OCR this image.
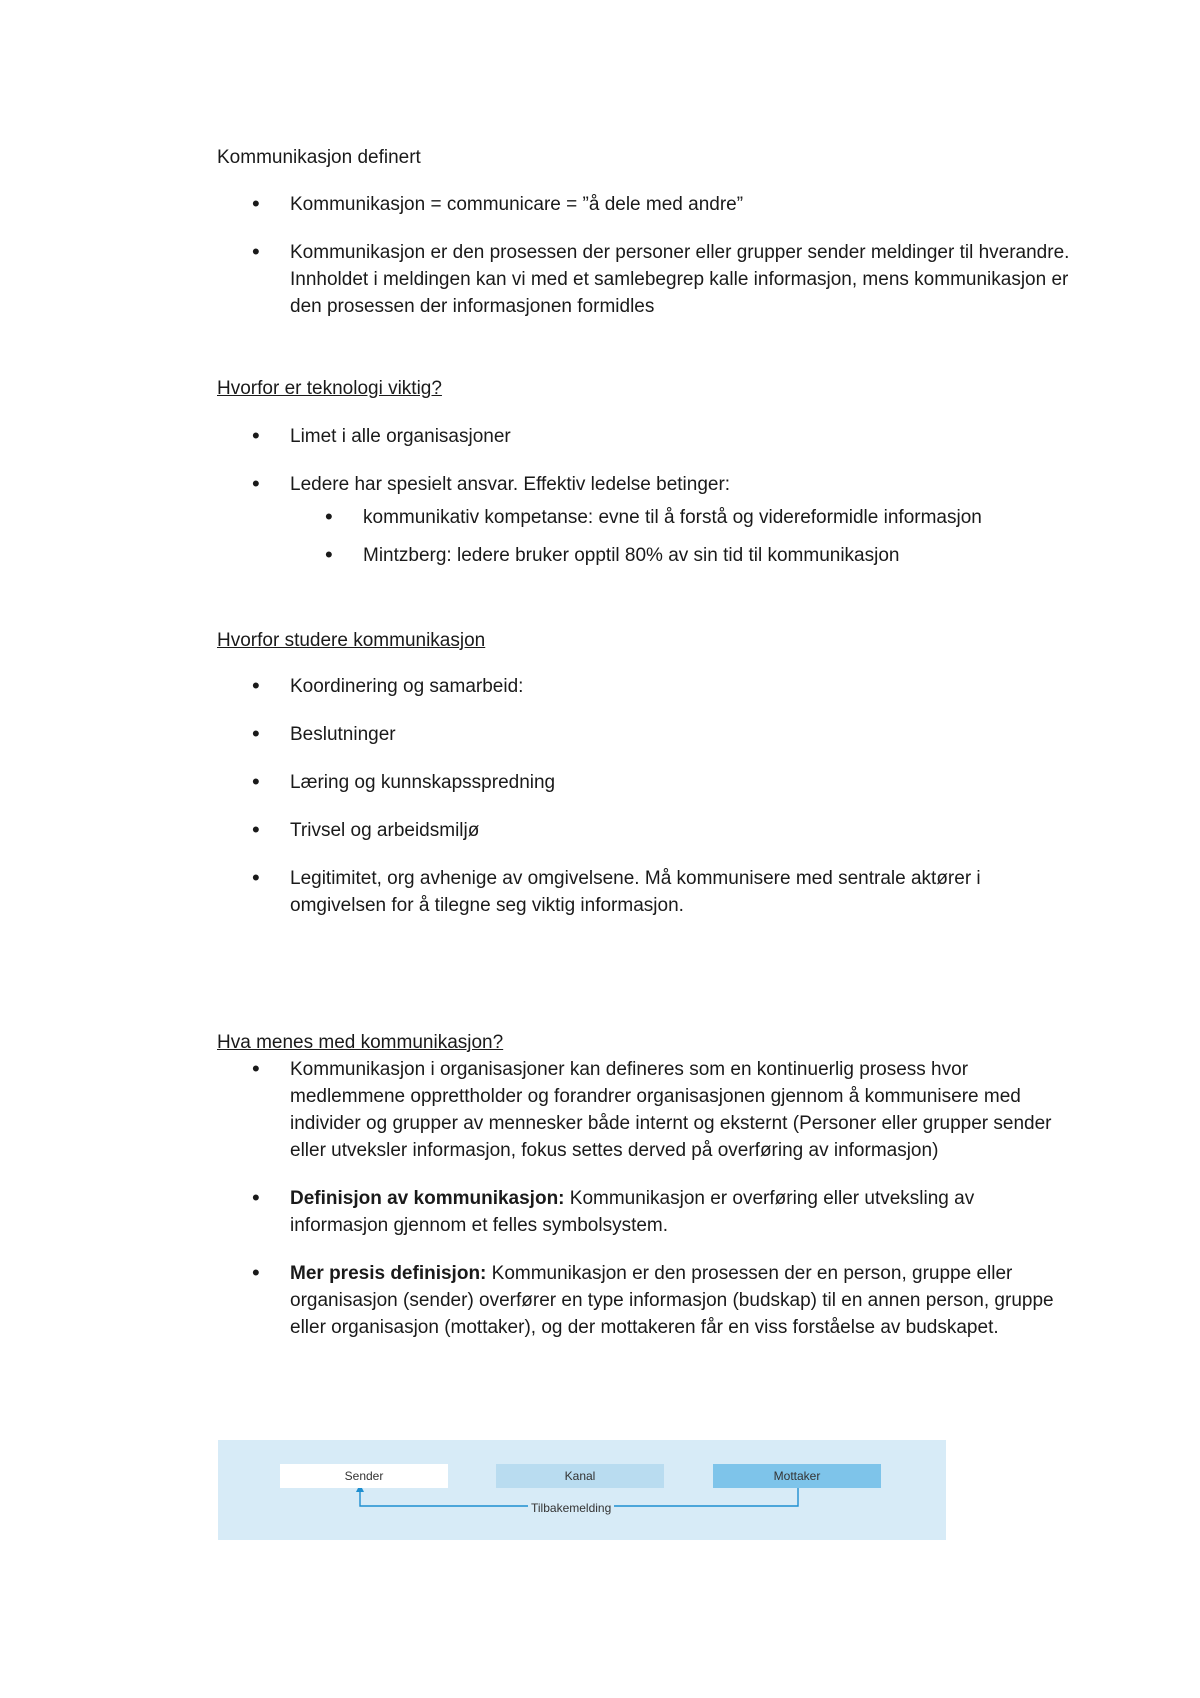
Kommunikasjon definert
• Kommunikasjon = communicare = ”å dele med andre”
• Kommunikasjon er den prosessen der personer eller grupper sender meldinger til hverandre. Innholdet i meldingen kan vi med et samlebegrep kalle informasjon, mens kommunikasjon er den prosessen der informasjonen formidles
Hvorfor er teknologi viktig?
• Limet i alle organisasjoner
• Ledere har spesielt ansvar. Effektiv ledelse betinger:
• kommunikativ kompetanse: evne til å forstå og videreformidle informasjon
• Mintzberg: ledere bruker opptil 80% av sin tid til kommunikasjon
Hvorfor studere kommunikasjon
• Koordinering og samarbeid:
• Beslutninger
• Læring og kunnskapsspredning
• Trivsel og arbeidsmiljø
• Legitimitet, org avhenige av omgivelsene. Må kommunisere med sentrale aktører i omgivelsen for å tilegne seg viktig informasjon.
Hva menes med kommunikasjon?
• Kommunikasjon i organisasjoner kan defineres som en kontinuerlig prosess hvor medlemmene opprettholder og forandrer organisasjonen gjennom å kommunisere med individer og grupper av mennesker både internt og eksternt (Personer eller grupper sender eller utveksler informasjon, fokus settes derved på overføring av informasjon)
• Definisjon av kommunikasjon: Kommunikasjon er overføring eller utveksling av informasjon gjennom et felles symbolsystem.
• Mer presis definisjon: Kommunikasjon er den prosessen der en person, gruppe eller organisasjon (sender) overfører en type informasjon (budskap) til en annen person, gruppe eller organisasjon (mottaker), og der mottakeren får en viss forståelse av budskapet.
Sender	Kanal	Mottaker
Tilbakemelding
